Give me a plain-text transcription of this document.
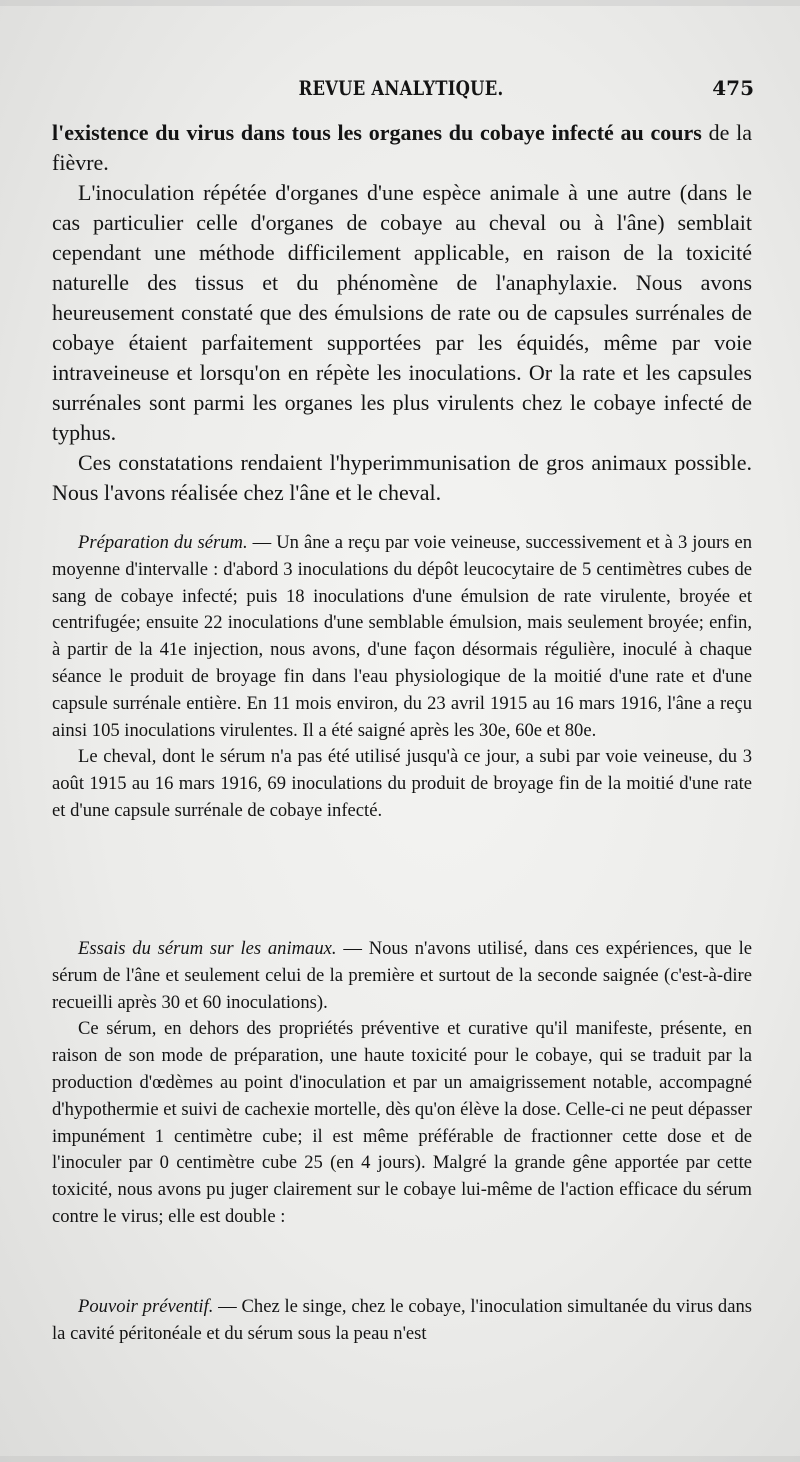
REVUE ANALYTIQUE.	475

l'existence du virus dans tous les organes du cobaye infecté au cours de la fièvre.

L'inoculation répétée d'organes d'une espèce animale à une autre (dans le cas particulier celle d'organes de cobaye au cheval ou à l'âne) semblait cependant une méthode difficilement applicable, en raison de la toxicité naturelle des tissus et du phénomène de l'anaphylaxie. Nous avons heureusement constaté que des émulsions de rate ou de capsules surrénales de cobaye étaient parfaitement supportées par les équidés, même par voie intraveineuse et lorsqu'on en répète les inoculations. Or la rate et les capsules surrénales sont parmi les organes les plus virulents chez le cobaye infecté de typhus.

Ces constatations rendaient l'hyperimmunisation de gros animaux possible. Nous l'avons réalisée chez l'âne et le cheval.

Préparation du sérum. — Un âne a reçu par voie veineuse, successivement et à 3 jours en moyenne d'intervalle : d'abord 3 inoculations du dépôt leucocytaire de 5 centimètres cubes de sang de cobaye infecté; puis 18 inoculations d'une émulsion de rate virulente, broyée et centrifugée; ensuite 22 inoculations d'une semblable émulsion, mais seulement broyée; enfin, à partir de la 41e injection, nous avons, d'une façon désormais régulière, inoculé à chaque séance le produit de broyage fin dans l'eau physiologique de la moitié d'une rate et d'une capsule surrénale entière. En 11 mois environ, du 23 avril 1915 au 16 mars 1916, l'âne a reçu ainsi 105 inoculations virulentes. Il a été saigné après les 30e, 60e et 80e.

Le cheval, dont le sérum n'a pas été utilisé jusqu'à ce jour, a subi par voie veineuse, du 3 août 1915 au 16 mars 1916, 69 inoculations du produit de broyage fin de la moitié d'une rate et d'une capsule surrénale de cobaye infecté.

Essais du sérum sur les animaux. — Nous n'avons utilisé, dans ces expériences, que le sérum de l'âne et seulement celui de la première et surtout de la seconde saignée (c'est-à-dire recueilli après 30 et 60 inoculations).

Ce sérum, en dehors des propriétés préventive et curative qu'il manifeste, présente, en raison de son mode de préparation, une haute toxicité pour le cobaye, qui se traduit par la production d'œdèmes au point d'inoculation et par un amaigrissement notable, accompagné d'hypothermie et suivi de cachexie mortelle, dès qu'on élève la dose. Celle-ci ne peut dépasser impunément 1 centimètre cube; il est même préférable de fractionner cette dose et de l'inoculer par 0 centimètre cube 25 (en 4 jours). Malgré la grande gêne apportée par cette toxicité, nous avons pu juger clairement sur le cobaye lui-même de l'action efficace du sérum contre le virus; elle est double :

Pouvoir préventif. — Chez le singe, chez le cobaye, l'inoculation simultanée du virus dans la cavité péritonéale et du sérum sous la peau n'est
